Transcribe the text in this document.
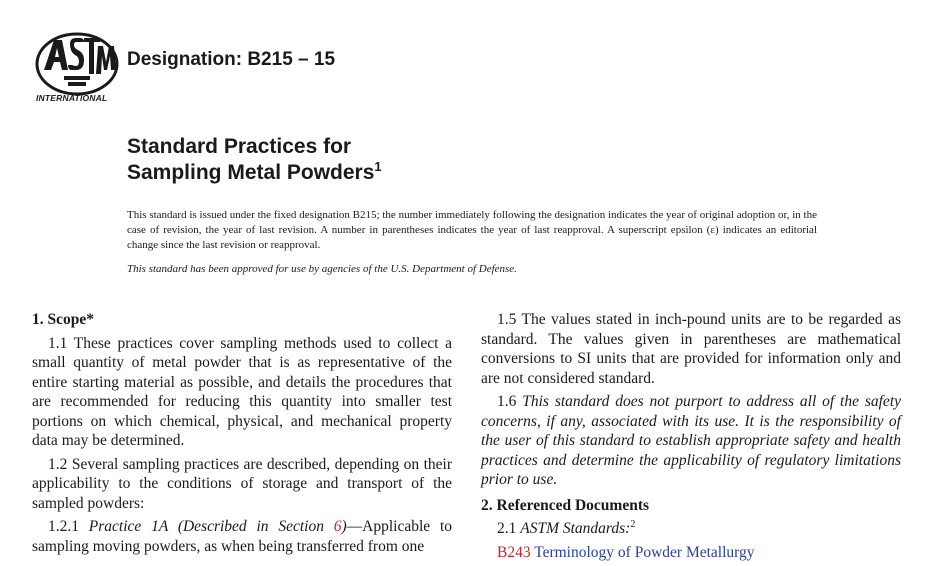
INTERNATIONAL
Designation: B215 – 15
Standard Practices for
Sampling Metal Powders$^1$
This standard is issued under the fixed designation B215; the number immediately following the designation indicates the year of original adoption or, in the case of revision, the year of last revision. A number in parentheses indicates the year of last reapproval. A superscript epsilon (ε) indicates an editorial change since the last revision or reapproval.
This standard has been approved for use by agencies of the U.S. Department of Defense.
1. Scope*
1.1 These practices cover sampling methods used to collect a small quantity of metal powder that is as representative of the entire starting material as possible, and details the procedures that are recommended for reducing this quantity into smaller test portions on which chemical, physical, and mechanical property data may be determined.
1.2 Several sampling practices are described, depending on their applicability to the conditions of storage and transport of the sampled powders:
1.2.1 Practice 1A (Described in Section 6)—Applicable to sampling moving powders, as when being transferred from one
1.5 The values stated in inch-pound units are to be regarded as standard. The values given in parentheses are mathematical conversions to SI units that are provided for information only and are not considered standard.
1.6 This standard does not purport to address all of the safety concerns, if any, associated with its use. It is the responsibility of the user of this standard to establish appropriate safety and health practices and determine the applicability of regulatory limitations prior to use.
2. Referenced Documents
2.1 ASTM Standards:$^2$
B243 Terminology of Powder Metallurgy
